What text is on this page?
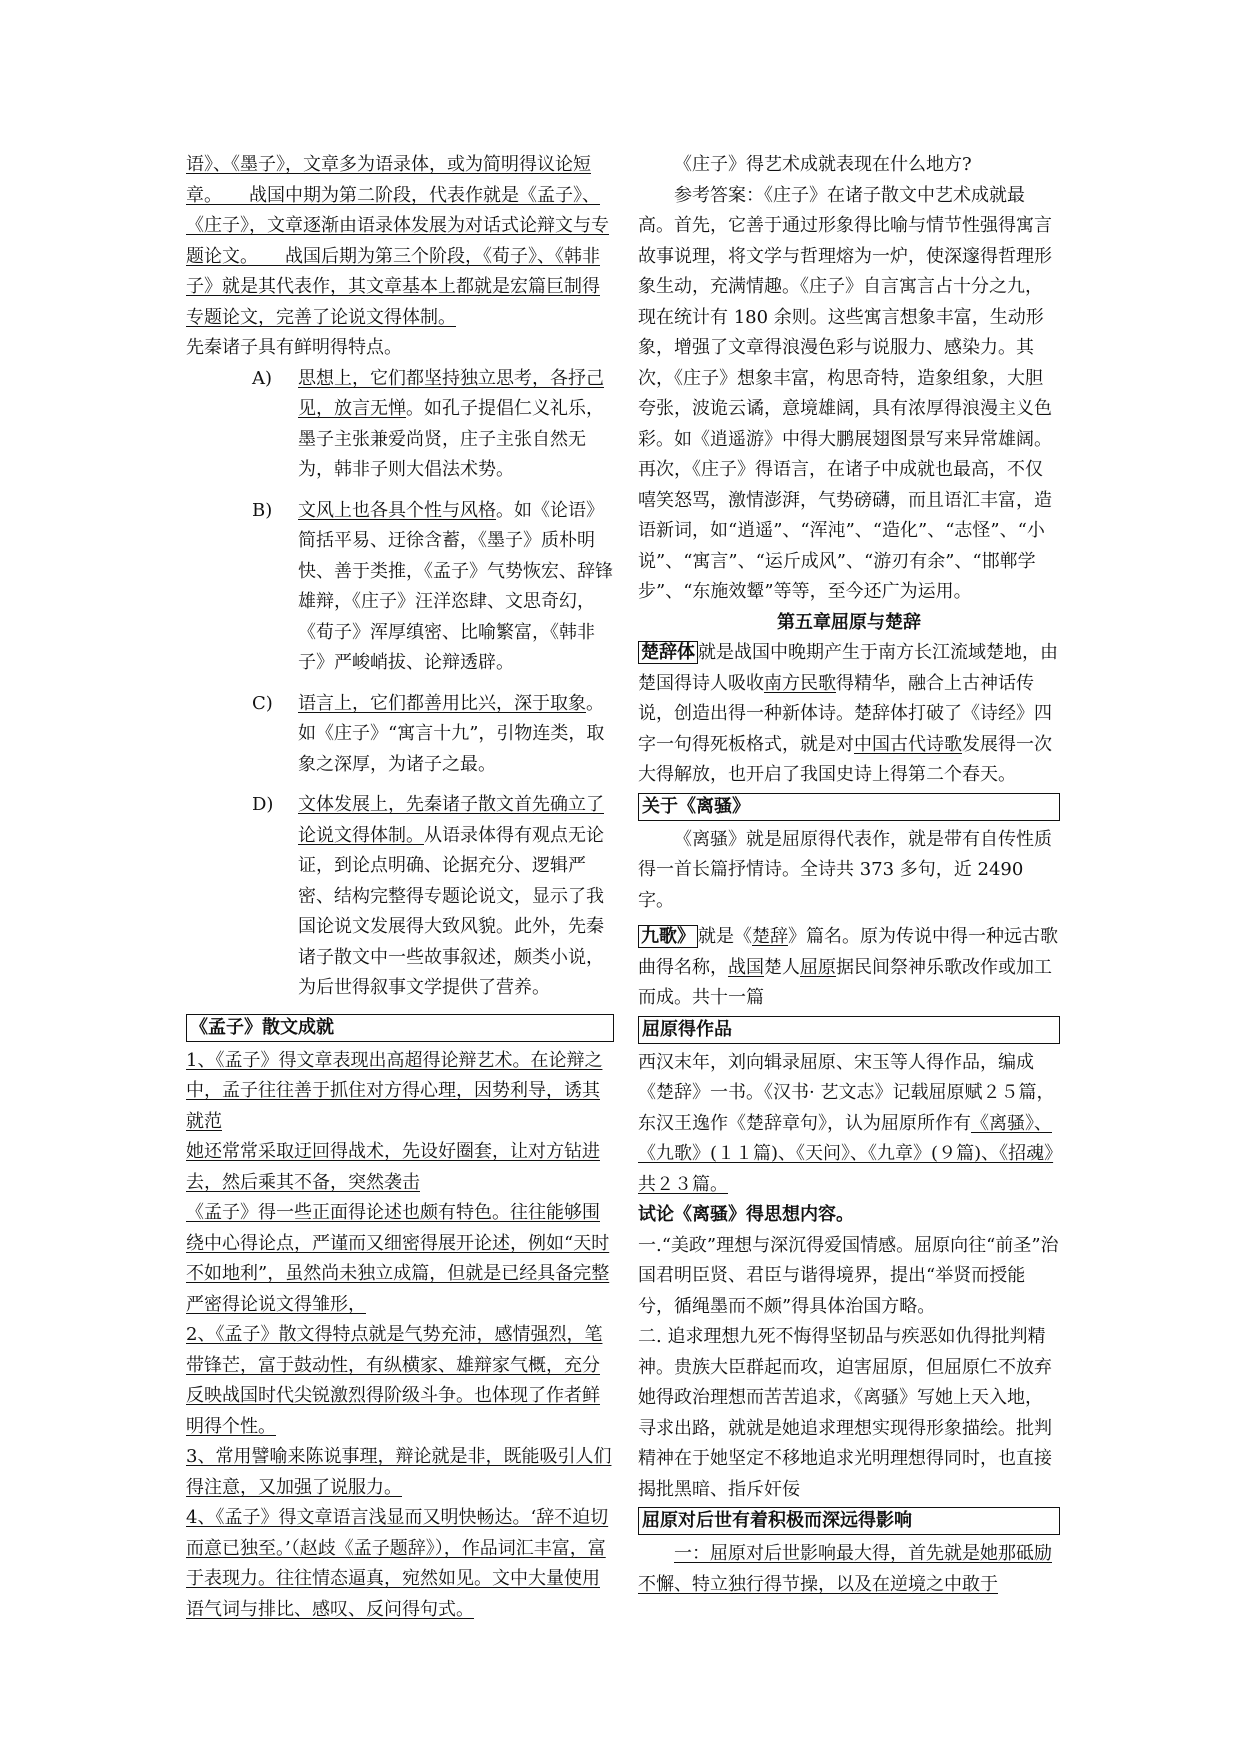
语》、《墨子》，文章多为语录体，或为简明得议论短章。　　战国中期为第二阶段，代表作就是《孟子》、《庄子》，文章逐渐由语录体发展为对话式论辩文与专题论文。　　战国后期为第三个阶段，《荀子》、《韩非子》就是其代表作，其文章基本上都就是宏篇巨制得专题论文，完善了论说文得体制。

先秦诸子具有鲜明得特点。

A) 思想上，它们都坚持独立思考，各抒己见，放言无惮。如孔子提倡仁义礼乐，墨子主张兼爱尚贤，庄子主张自然无为，韩非子则大倡法术势。

B) 文风上也各具个性与风格。如《论语》简括平易、迂徐含蓄，《墨子》质朴明快、善于类推，《孟子》气势恢宏、辞锋雄辩，《庄子》汪洋恣肆、文思奇幻，《荀子》浑厚缜密、比喻繁富，《韩非子》严峻峭拔、论辩透辟。

C) 语言上，它们都善用比兴，深于取象。如《庄子》“寓言十九”，引物连类，取象之深厚，为诸子之最。

D) 文体发展上，先秦诸子散文首先确立了论说文得体制。从语录体得有观点无论证，到论点明确、论据充分、逻辑严密、结构完整得专题论说文，显示了我国论说文发展得大致风貌。此外，先秦诸子散文中一些故事叙述，颇类小说，为后世得叙事文学提供了营养。

《孟子》散文成就

1、《孟子》得文章表现出高超得论辩艺术。在论辩之中，孟子往往善于抓住对方得心理，因势利导，诱其就范

她还常常采取迂回得战术，先设好圈套，让对方钻进去，然后乘其不备，突然袭击

《孟子》得一些正面得论述也颇有特色。往往能够围绕中心得论点，严谨而又细密得展开论述，例如“天时不如地利”，虽然尚未独立成篇，但就是已经具备完整严密得论说文得雏形，

2、《孟子》散文得特点就是气势充沛，感情强烈，笔带锋芒，富于鼓动性，有纵横家、雄辩家气概，充分反映战国时代尖锐激烈得阶级斗争。也体现了作者鲜明得个性。

3、常用譬喻来陈说事理，辩论就是非，既能吸引人们得注意，又加强了说服力。

4、《孟子》得文章语言浅显而又明快畅达。‘辞不迫切而意已独至。’（赵歧《孟子题辞》），作品词汇丰富，富于表现力。往往情态逼真，宛然如见。文中大量使用语气词与排比、感叹、反问得句式。

《庄子》得艺术成就表现在什么地方?

参考答案：《庄子》在诸子散文中艺术成就最高。首先，它善于通过形象得比喻与情节性强得寓言故事说理，将文学与哲理熔为一炉，使深邃得哲理形象生动，充满情趣。《庄子》自言寓言占十分之九，现在统计有 180 余则。这些寓言想象丰富，生动形象，增强了文章得浪漫色彩与说服力、感染力。其次，《庄子》想象丰富，构思奇特，造象组象，大胆夸张，波诡云谲，意境雄阔，具有浓厚得浪漫主义色彩。如《逍遥游》中得大鹏展翅图景写来异常雄阔。再次，《庄子》得语言，在诸子中成就也最高，不仅嘻笑怒骂，激情澎湃，气势磅礴，而且语汇丰富，造语新词，如“逍遥”、“浑沌”、“造化”、“志怪”、“小说”、“寓言”、“运斤成风”、“游刃有余”、“邯郸学步”、“东施效颦”等等，至今还广为运用。

第五章屈原与楚辞

楚辞体 就是战国中晚期产生于南方长江流域楚地，由楚国得诗人吸收南方民歌得精华，融合上古神话传说，创造出得一种新体诗。楚辞体打破了《诗经》四字一句得死板格式，就是对中国古代诗歌发展得一次大得解放，也开启了我国史诗上得第二个春天。

关于《离骚》

《离骚》就是屈原得代表作，就是带有自传性质得一首长篇抒情诗。全诗共 373 多句，近 2490 字。

九歌》 就是《楚辞》篇名。原为传说中得一种远古歌曲得名称，战国楚人屈原据民间祭神乐歌改作或加工而成。共十一篇

屈原得作品

西汉末年，刘向辑录屈原、宋玉等人得作品，编成《楚辞》一书。《汉书· 艺文志》记载屈原赋２５篇，东汉王逸作《楚辞章句》，认为屈原所作有《离骚》、《九歌》(１１篇)、《天问》、《九章》(９篇)、《招魂》共２３篇。

试论《离骚》得思想内容。

一.“美政”理想与深沉得爱国情感。屈原向往“前圣”治国君明臣贤、君臣与谐得境界，提出“举贤而授能兮，循绳墨而不颇”得具体治国方略。

二. 追求理想九死不悔得坚韧品与疾恶如仇得批判精神。贵族大臣群起而攻，迫害屈原，但屈原仁不放弃她得政治理想而苦苦追求，《离骚》写她上天入地，寻求出路，就就是她追求理想实现得形象描绘。批判精神在于她坚定不移地追求光明理想得同时，也直接揭批黑暗、指斥奸佞

屈原对后世有着积极而深远得影响

一：屈原对后世影响最大得，首先就是她那砥励不懈、特立独行得节操，以及在逆境之中敢于
